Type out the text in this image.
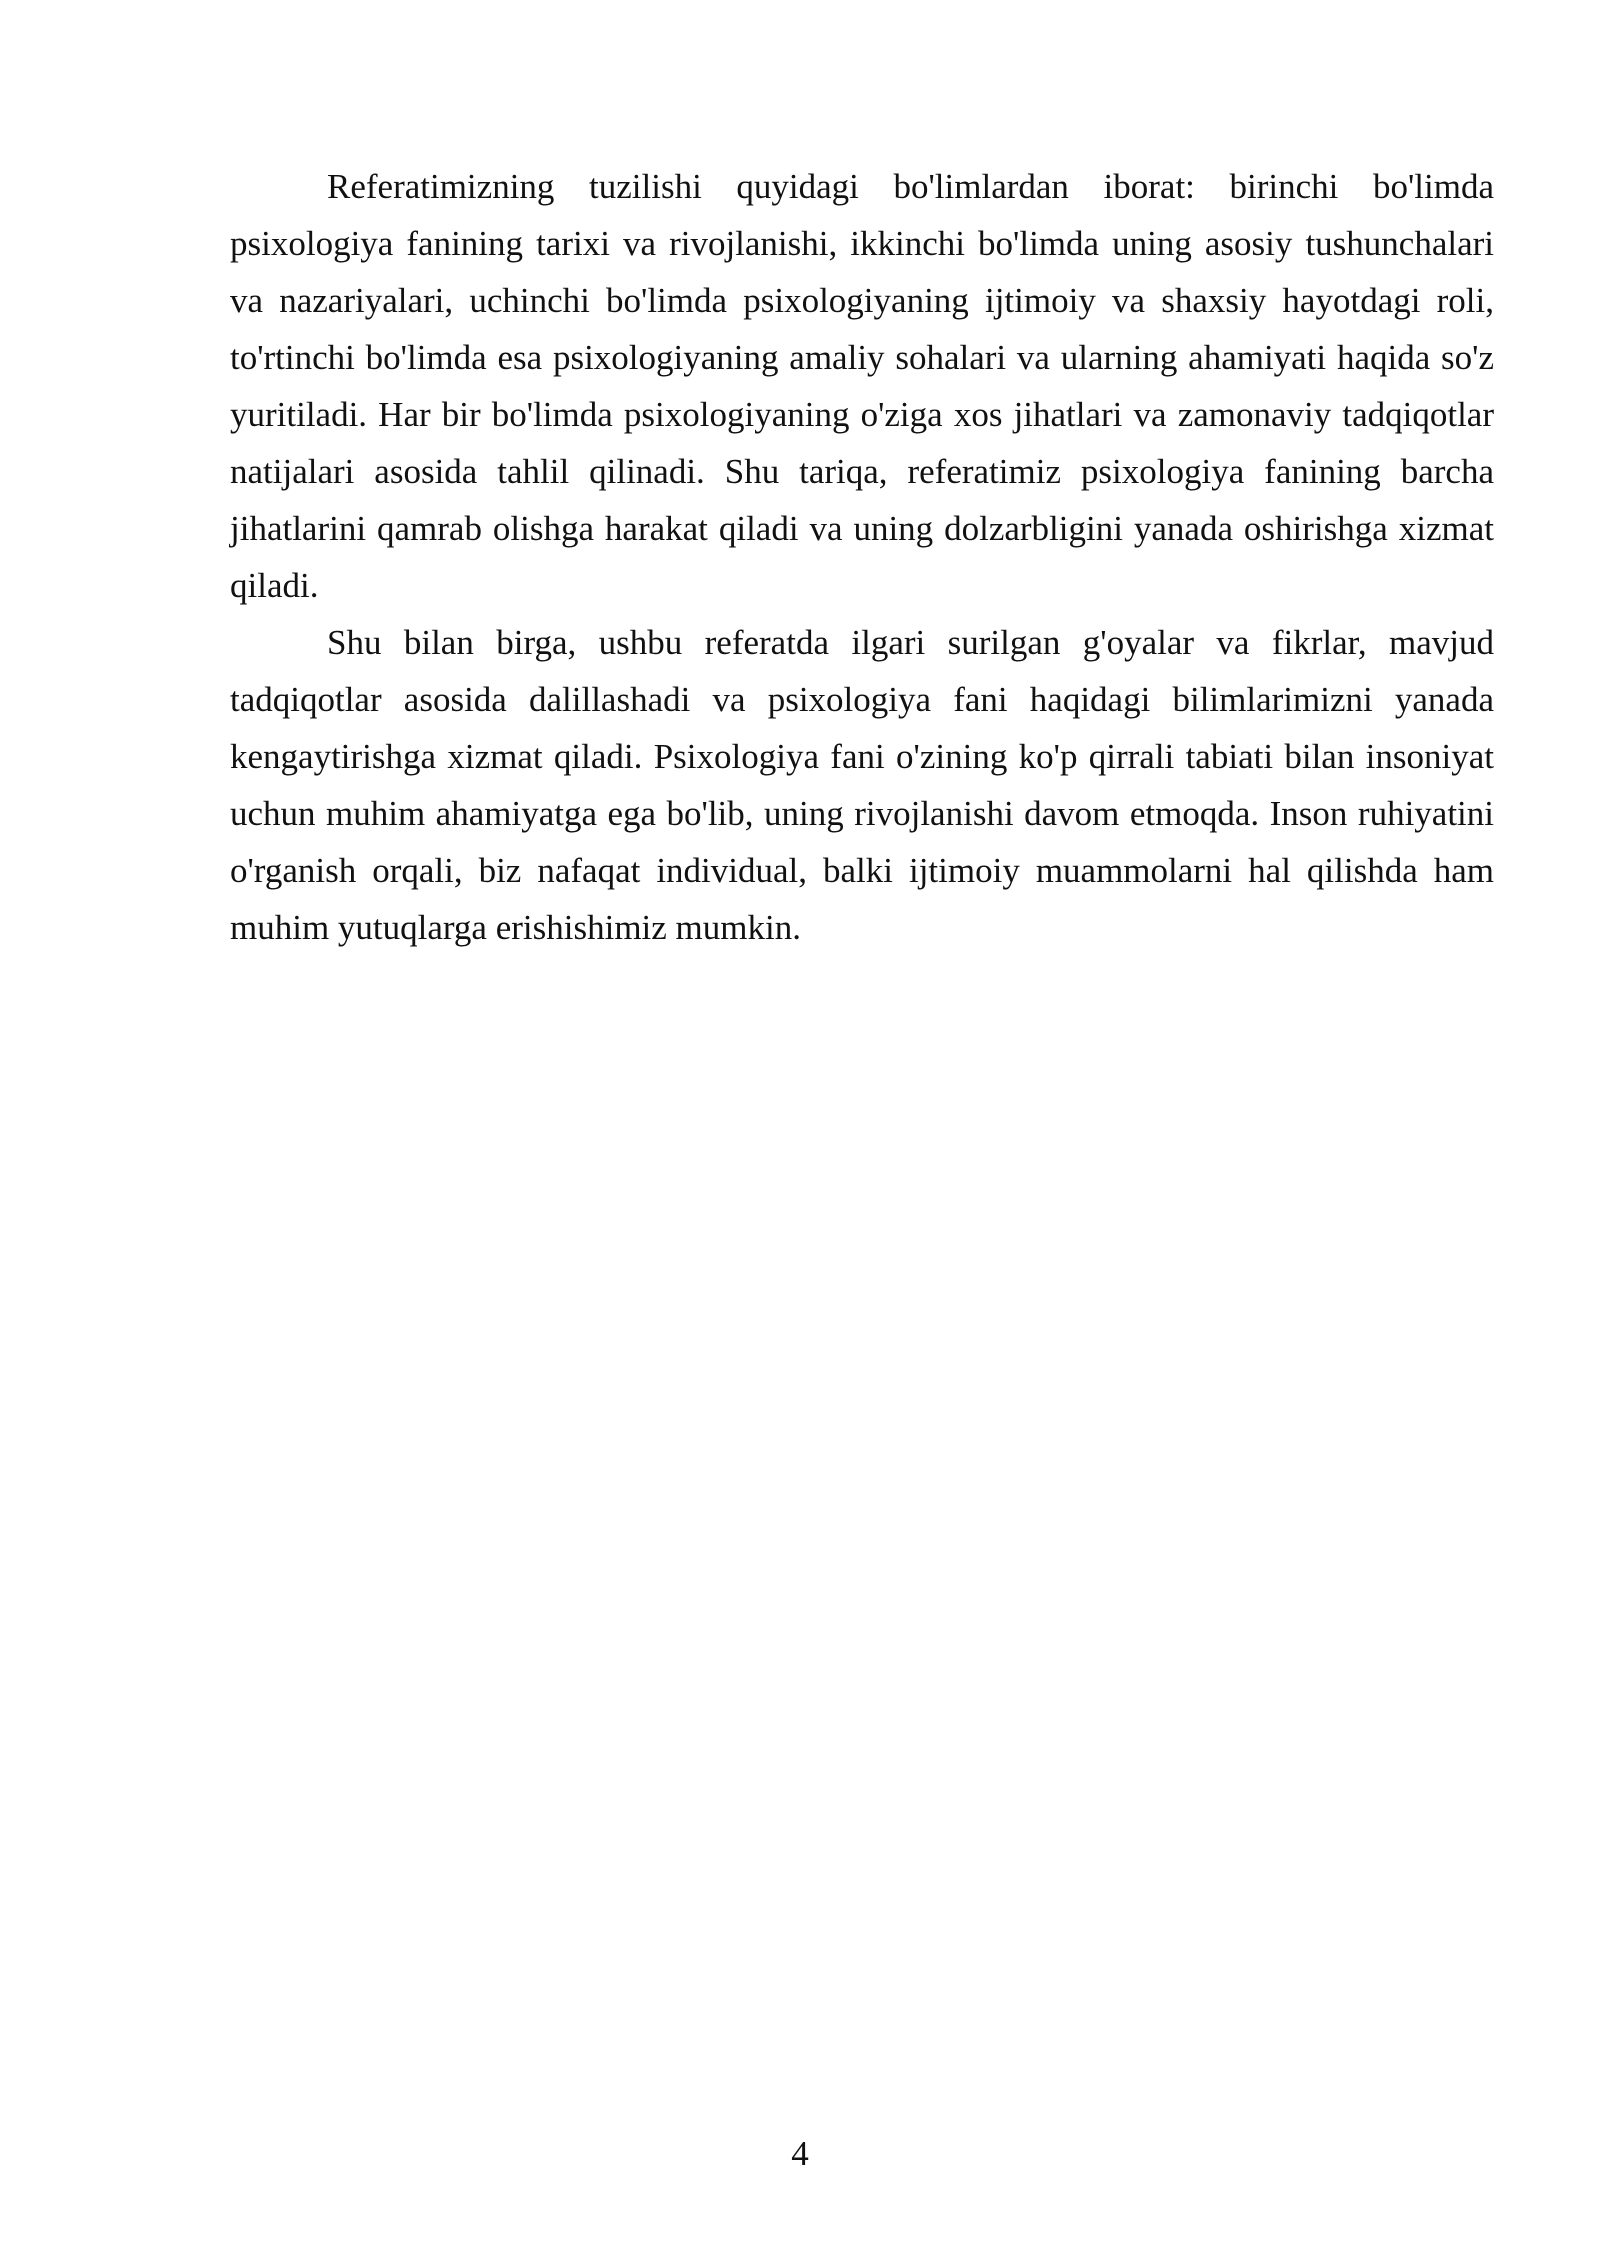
Referatimizning tuzilishi quyidagi bo'limlardan iborat: birinchi bo'limda psixologiya fanining tarixi va rivojlanishi, ikkinchi bo'limda uning asosiy tushunchalari va nazariyalari, uchinchi bo'limda psixologiyaning ijtimoiy va shaxsiy hayotdagi roli, to'rtinchi bo'limda esa psixologiyaning amaliy sohalari va ularning ahamiyati haqida so'z yuritiladi. Har bir bo'limda psixologiyaning o'ziga xos jihatlari va zamonaviy tadqiqotlar natijalari asosida tahlil qilinadi. Shu tariqa, referatimiz psixologiya fanining barcha jihatlarini qamrab olishga harakat qiladi va uning dolzarbligini yanada oshirishga xizmat qiladi.

Shu bilan birga, ushbu referatda ilgari surilgan g'oyalar va fikrlar, mavjud tadqiqotlar asosida dalillashadi va psixologiya fani haqidagi bilimlarimizni yanada kengaytirishga xizmat qiladi. Psixologiya fani o'zining ko'p qirrali tabiati bilan insoniyat uchun muhim ahamiyatga ega bo'lib, uning rivojlanishi davom etmoqda. Inson ruhiyatini o'rganish orqali, biz nafaqat individual, balki ijtimoiy muammolarni hal qilishda ham muhim yutuqlarga erishishimiz mumkin.

4
